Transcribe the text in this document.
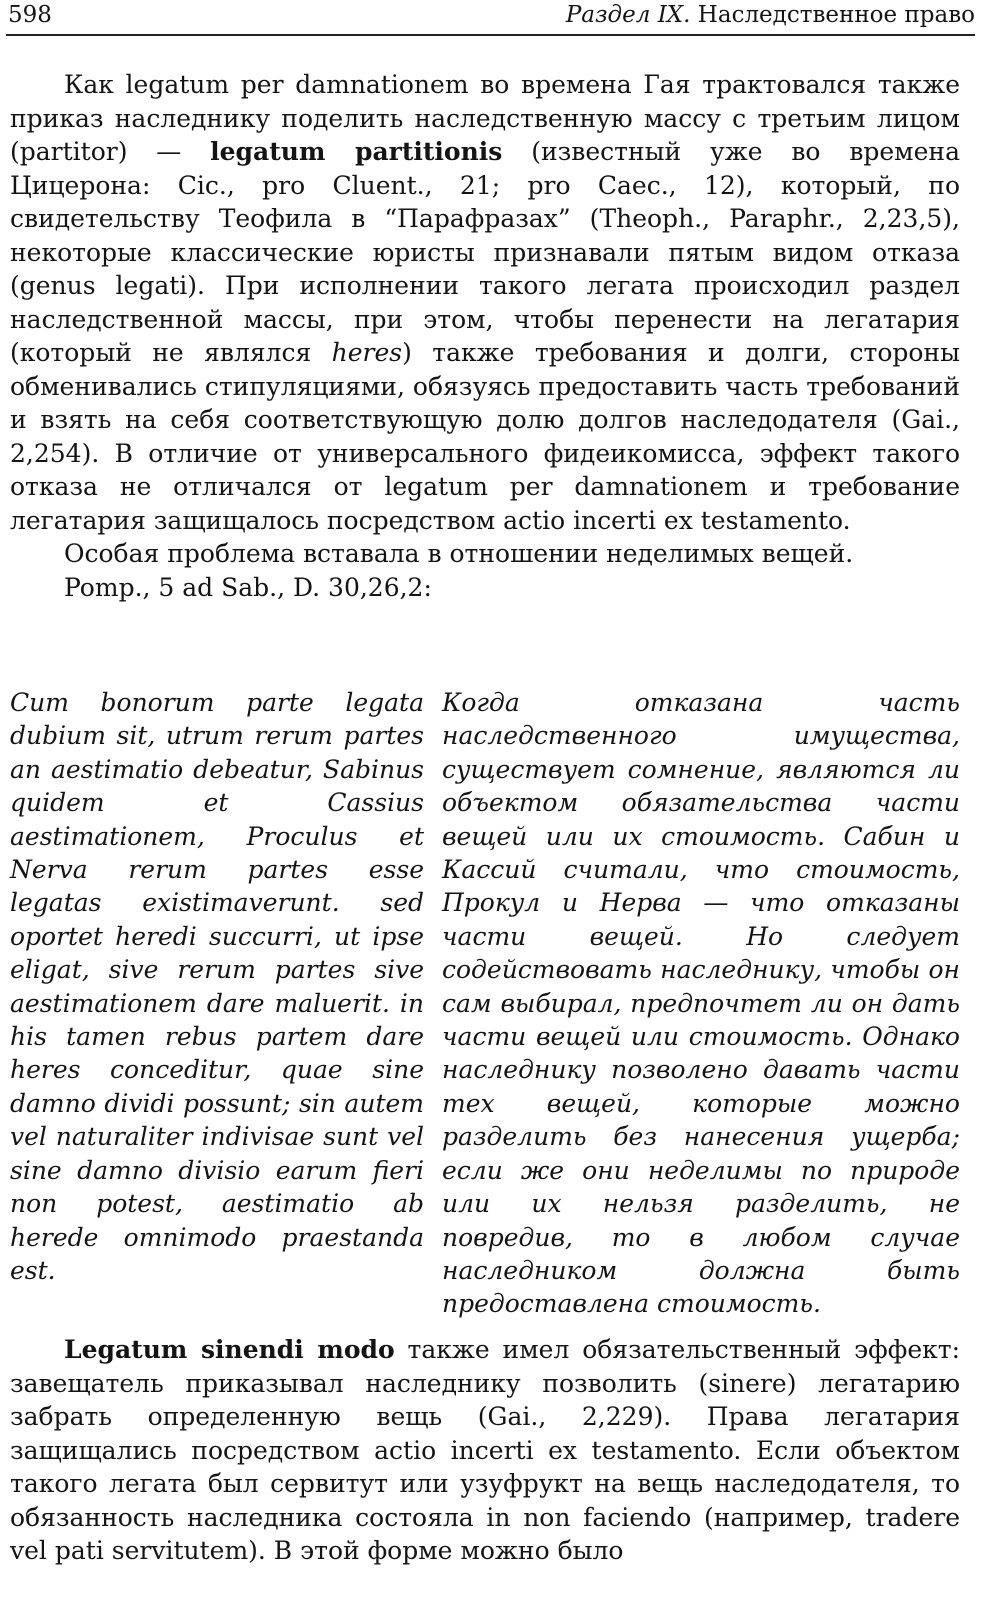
598	Раздел IX. Наследственное право

Как legatum per damnationem во времена Гая трактовался также приказ наследнику поделить наследственную массу с третьим лицом (partitor) — legatum partitionis (известный уже во времена Цицерона: Cic., pro Cluent., 21; pro Caec., 12), который, по свидетельству Теофила в “Парафразах” (Theoph., Paraphr., 2,23,5), некоторые классические юристы признавали пятым видом отказа (genus legati). При исполнении такого легата происходил раздел наследственной массы, при этом, чтобы перенести на легатария (который не являлся heres) также требования и долги, стороны обменивались стипуляциями, обязуясь предоставить часть требований и взять на себя соответствующую долю долгов наследодателя (Gai., 2,254). В отличие от универсального фидеикомисса, эффект такого отказа не отличался от legatum per damnationem и требование легатария защищалось посредством actio incerti ex testamento.

Особая проблема вставала в отношении неделимых вещей.

Pomp., 5 ad Sab., D. 30,26,2:

Cum bonorum parte legata dubium sit, utrum rerum partes an aestimatio debeatur, Sabinus quidem et Cassius aestimationem, Proculus et Nerva rerum partes esse legatas existimaverunt. sed oportet heredi succurri, ut ipse eligat, sive rerum partes sive aestimationem dare maluerit. in his tamen rebus partem dare heres conceditur, quae sine damno dividi possunt; sin autem vel naturaliter indivisae sunt vel sine damno divisio earum fieri non potest, aestimatio ab herede omnimodo praestanda est.

Когда отказана часть наследственного имущества, существует сомнение, являются ли объектом обязательства части вещей или их стоимость. Сабин и Кассий считали, что стоимость, Прокул и Нерва — что отказаны части вещей. Но следует содействовать наследнику, чтобы он сам выбирал, предпочтет ли он дать части вещей или стоимость. Однако наследнику позволено давать части тех вещей, которые можно разделить без нанесения ущерба; если же они неделимы по природе или их нельзя разделить, не повредив, то в любом случае наследником должна быть предоставлена стоимость.

Legatum sinendi modo также имел обязательственный эффект: завещатель приказывал наследнику позволить (sinere) легатарию забрать определенную вещь (Gai., 2,229). Права легатария защищались посредством actio incerti ex testamento. Если объектом такого легата был сервитут или узуфрукт на вещь наследодателя, то обязанность наследника состояла in non faciendo (например, tradere vel pati servitutem). В этой форме можно было
